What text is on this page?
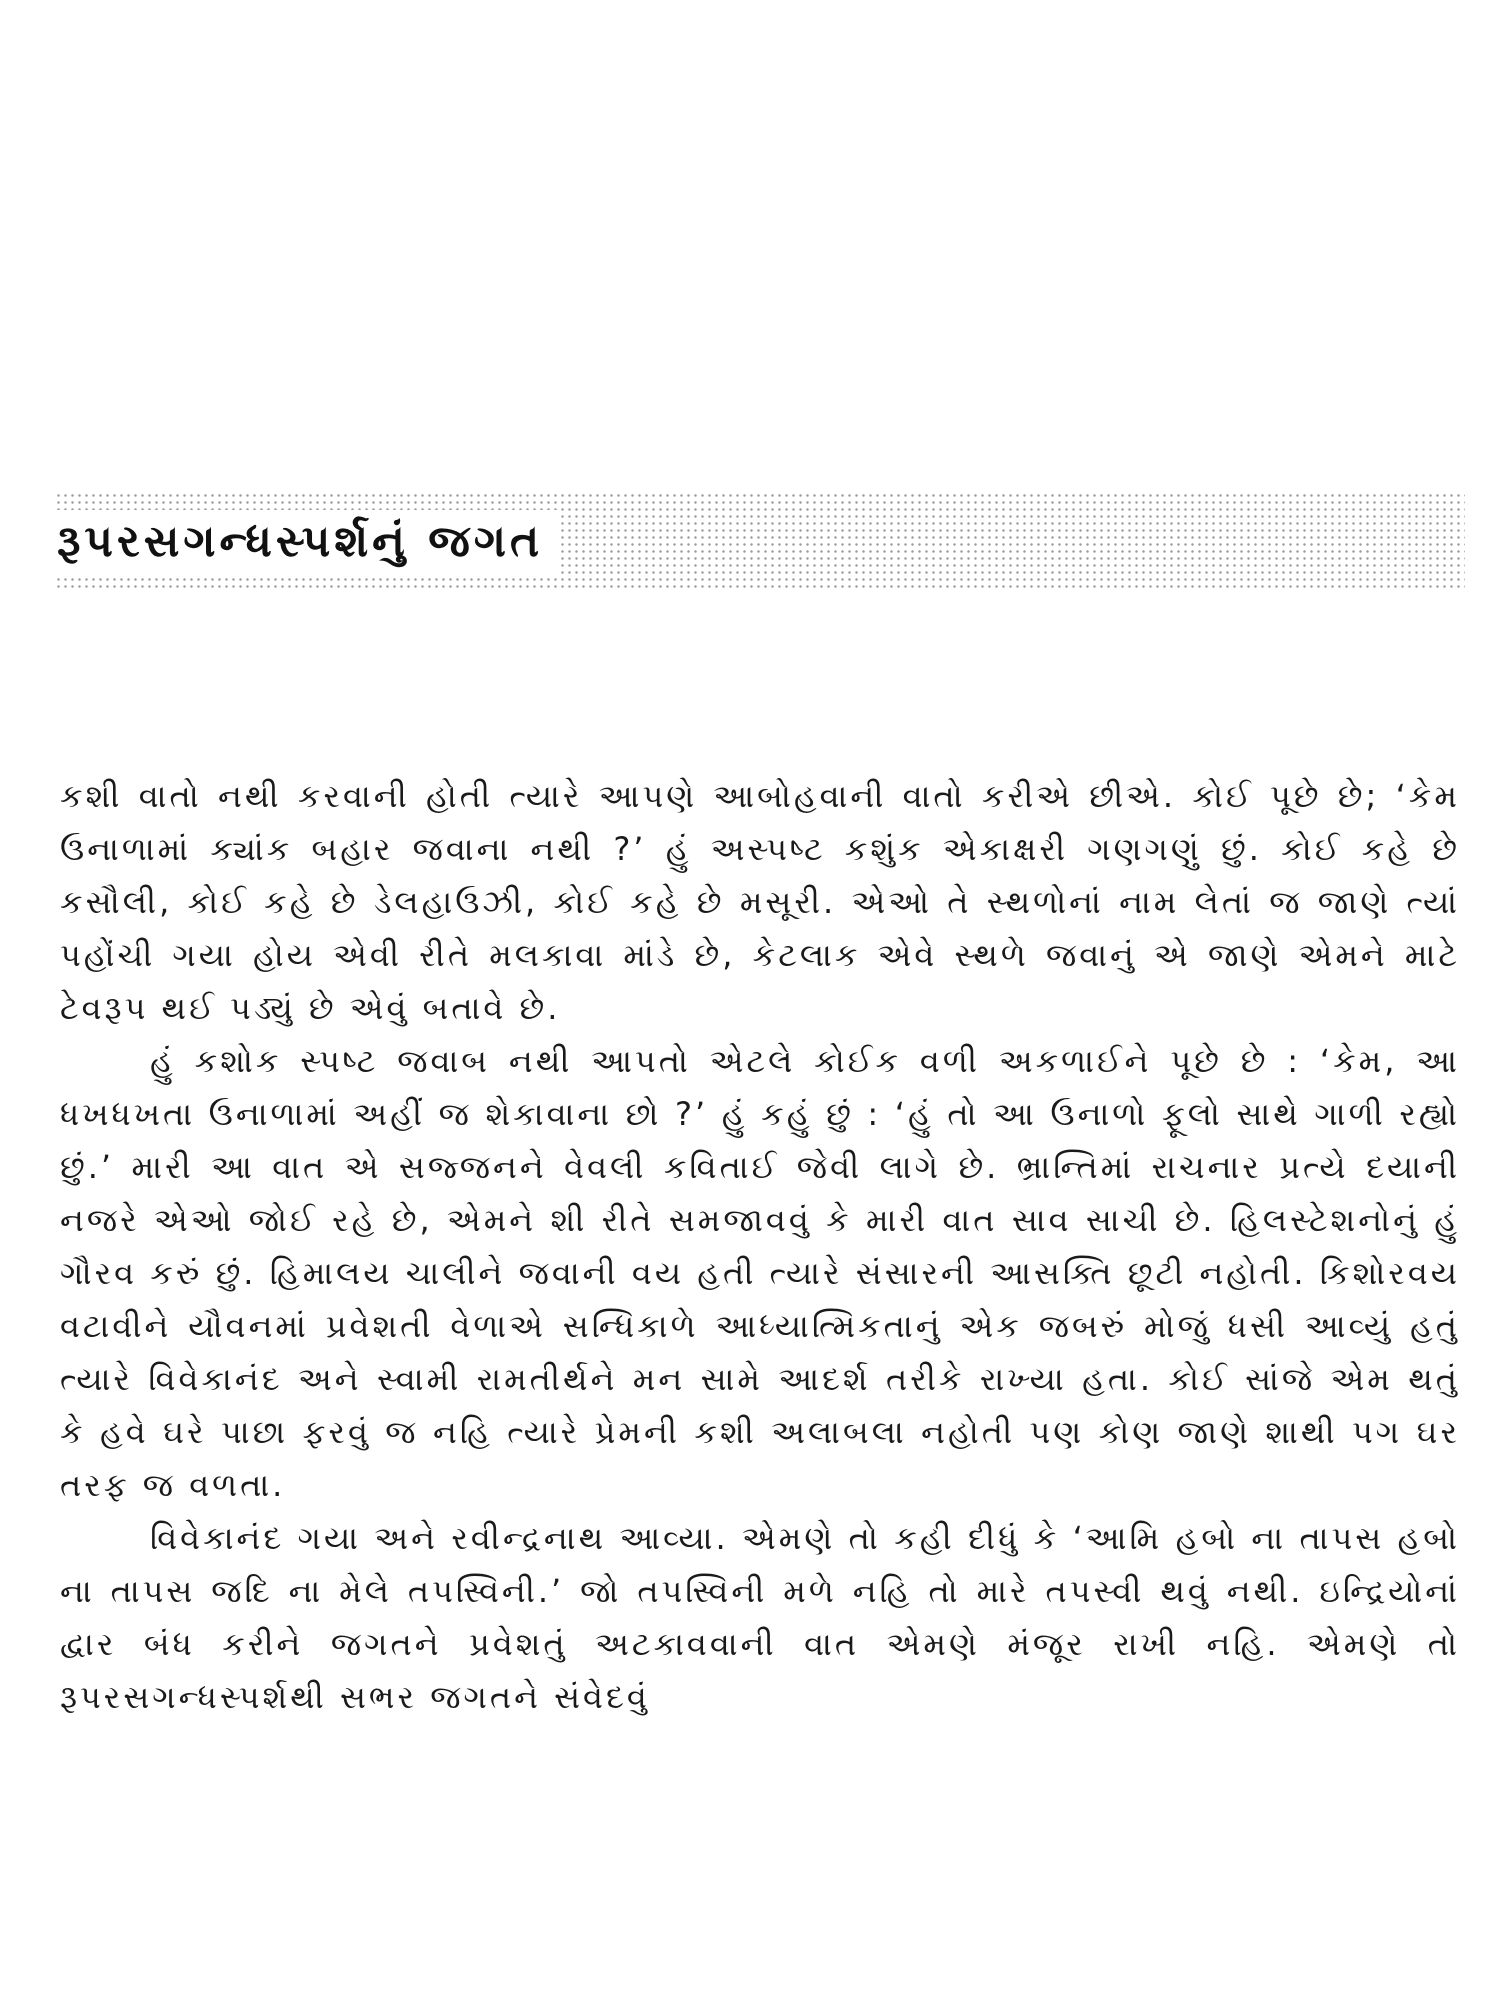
રૂપરસગન્ધસ્પર્શનું જગત

કશી વાતો નથી કરવાની હોતી ત્યારે આપણે આબોહવાની વાતો કરીએ છીએ. કોઈ પૂછે છે; ‘કેમ ઉનાળામાં ક્યાંક બહાર જવાના નથી ?’ હું અસ્પષ્ટ કશુંક એકાક્ષરી ગણગણું છું. કોઈ કહે છે કસૌલી, કોઈ કહે છે ડેલહાઉઝી, કોઈ કહે છે મસૂરી. એઓ તે સ્થળોનાં નામ લેતાં જ જાણે ત્યાં પહોંચી ગયા હોય એવી રીતે મલકાવા માંડે છે, કેટલાક એવે સ્થળે જવાનું એ જાણે એમને માટે ટેવરૂપ થઈ પડ્યું છે એવું બતાવે છે.

હું કશોક સ્પષ્ટ જવાબ નથી આપતો એટલે કોઈક વળી અકળાઈને પૂછે છે : ‘કેમ, આ ધખધખતા ઉનાળામાં અહીં જ શેકાવાના છો ?’ હું કહું છું : ‘હું તો આ ઉનાળો ફૂલો સાથે ગાળી રહ્યો છું.’ મારી આ વાત એ સજ્જનને વેવલી કવિતાઈ જેવી લાગે છે. ભ્રાન્તિમાં રાચનાર પ્રત્યે દયાની નજરે એઓ જોઈ રહે છે, એમને શી રીતે સમજાવવું કે મારી વાત સાવ સાચી છે. હિલસ્ટેશનોનું હું ગૌરવ કરું છું. હિમાલય ચાલીને જવાની વય હતી ત્યારે સંસારની આસક્તિ છૂટી નહોતી. કિશોરવય વટાવીને યૌવનમાં પ્રવેશતી વેળાએ સન્ધિકાળે આધ્યાત્મિકતાનું એક જબરું મોજું ધસી આવ્યું હતું ત્યારે વિવેકાનંદ અને સ્વામી રામતીર્થને મન સામે આદર્શ તરીકે રાખ્યા હતા. કોઈ સાંજે એમ થતું કે હવે ઘરે પાછા ફરવું જ નહિ ત્યારે પ્રેમની કશી અલાબલા નહોતી પણ કોણ જાણે શાથી પગ ઘર તરફ જ વળતા.

વિવેકાનંદ ગયા અને રવીન્દ્રનાથ આવ્યા. એમણે તો કહી દીધું કે ‘આમિ હબો ના તાપસ હબો ના તાપસ જદિ ના મેલે તપસ્વિની.’ જો તપસ્વિની મળે નહિ તો મારે તપસ્વી થવું નથી. ઇન્દ્રિયોનાં દ્વાર બંધ કરીને જગતને પ્રવેશતું અટકાવવાની વાત એમણે મંજૂર રાખી નહિ. એમણે તો રૂપરસગન્ધસ્પર્શથી સભર જગતને સંવેદવું
